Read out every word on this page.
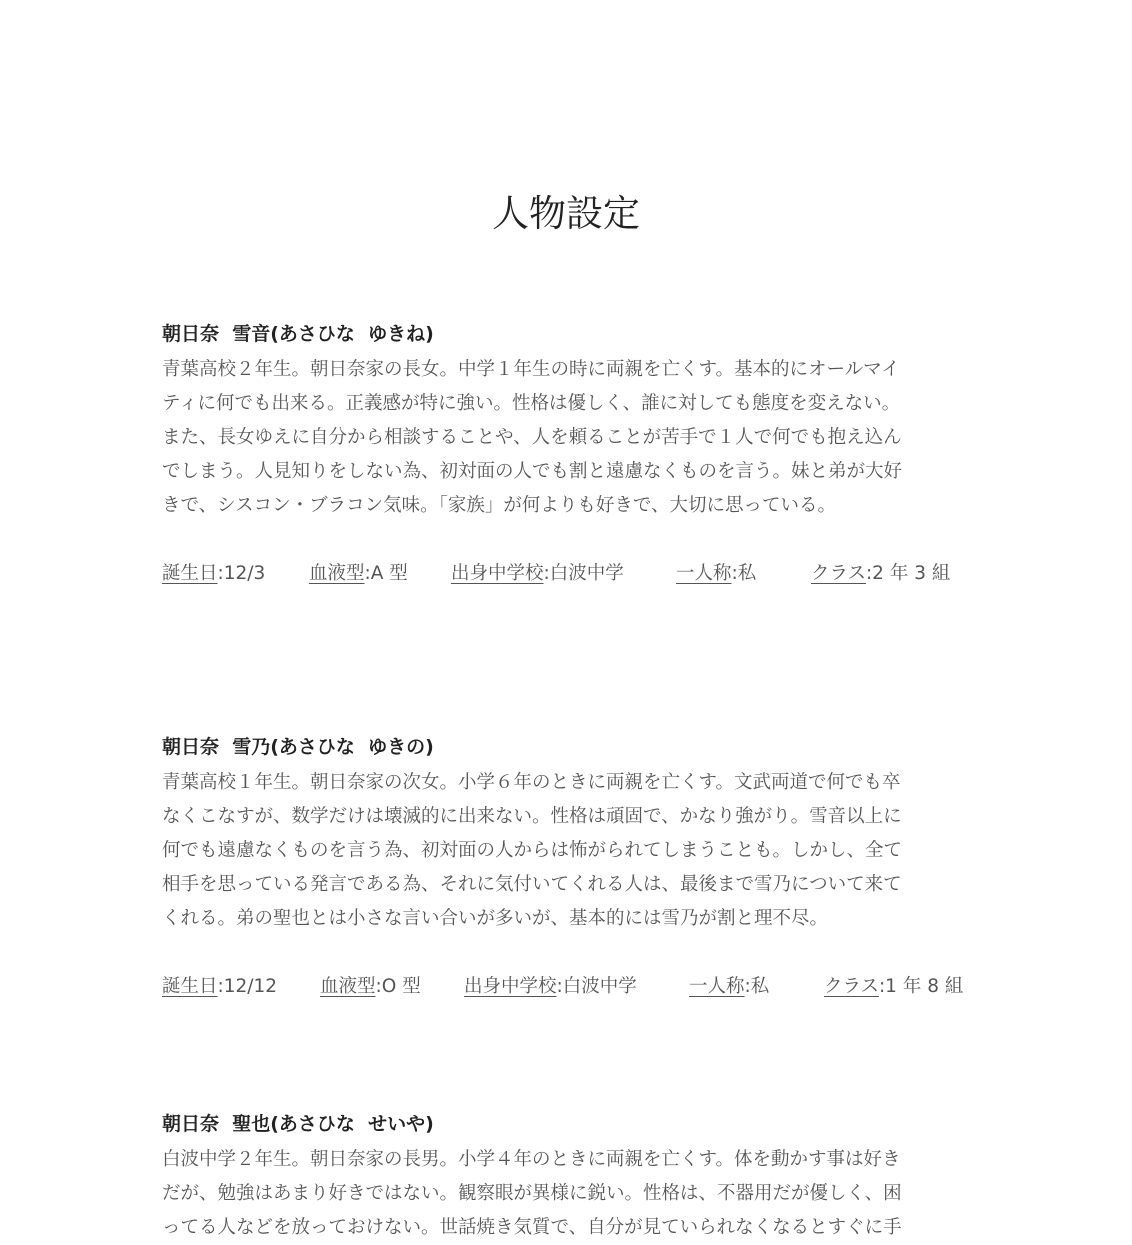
人物設定

朝日奈  雪音(あさひな  ゆきね)

青葉高校２年生。朝日奈家の長女。中学１年生の時に両親を亡くす。基本的にオールマイ
ティに何でも出来る。正義感が特に強い。性格は優しく、誰に対しても態度を変えない。
また、長女ゆえに自分から相談することや、人を頼ることが苦手で１人で何でも抱え込ん
でしまう。人見知りをしない為、初対面の人でも割と遠慮なくものを言う。妹と弟が大好
きで、シスコン・ブラコン気味。「家族」が何よりも好きで、大切に思っている。

誕生日:12/3 血液型:A 型 出身中学校:白波中学	一人称:私	クラス:2 年 3 組

朝日奈  雪乃(あさひな  ゆきの)

青葉高校１年生。朝日奈家の次女。小学６年のときに両親を亡くす。文武両道で何でも卒
なくこなすが、数学だけは壊滅的に出来ない。性格は頑固で、かなり強がり。雪音以上に
何でも遠慮なくものを言う為、初対面の人からは怖がられてしまうことも。しかし、全て
相手を思っている発言である為、それに気付いてくれる人は、最後まで雪乃について来て
くれる。弟の聖也とは小さな言い合いが多いが、基本的には雪乃が割と理不尽。

誕生日:12/12 血液型:O 型 出身中学校:白波中学	一人称:私	クラス:1 年 8 組

朝日奈  聖也(あさひな  せいや)

白波中学２年生。朝日奈家の長男。小学４年のときに両親を亡くす。体を動かす事は好き
だが、勉強はあまり好きではない。観察眼が異様に鋭い。性格は、不器用だが優しく、困
ってる人などを放っておけない。世話焼き気質で、自分が見ていられなくなるとすぐに手
